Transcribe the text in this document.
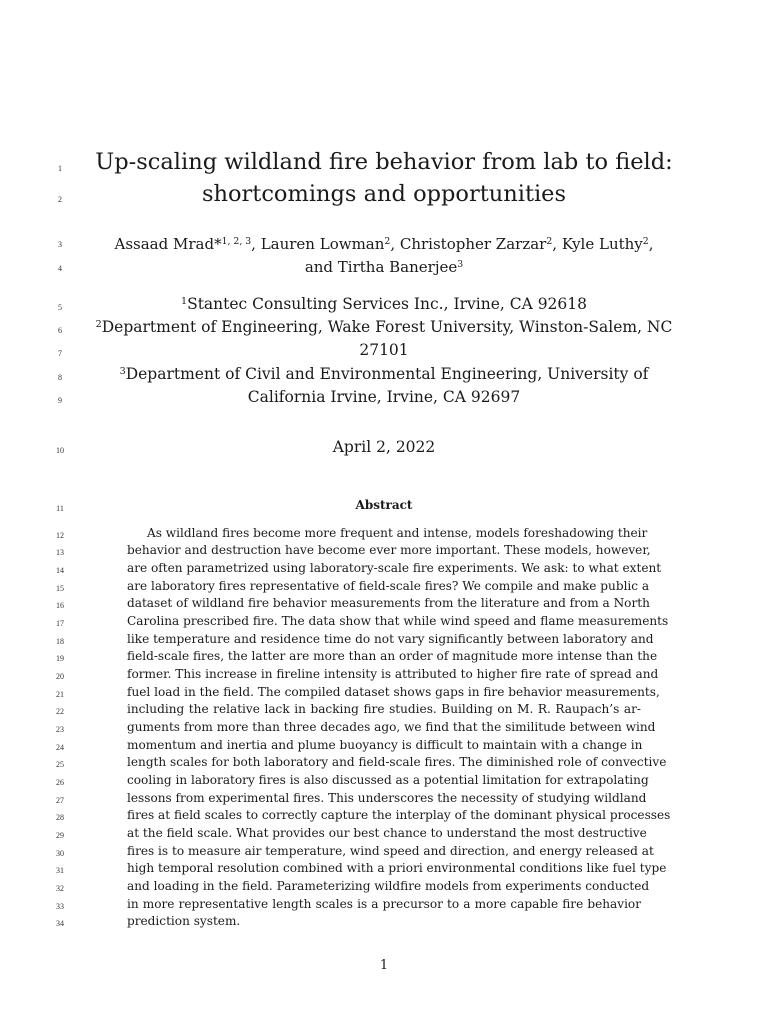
1
2
3
4
5
6
7
8
9
10
11
12
13
14
15
16
17
18
19
20
21
22
23
24
25
26
27
28
29
30
31
32
33
34
Up-scaling wildland fire behavior from lab to field:
shortcomings and opportunities
Assaad Mrad*$^{1, 2, 3}$, Lauren Lowman$^2$, Christopher Zarzar$^2$, Kyle Luthy$^2$,
and Tirtha Banerjee$^3$
$^1$Stantec Consulting Services Inc., Irvine, CA 92618
$^2$Department of Engineering, Wake Forest University, Winston-Salem, NC
27101
$^3$Department of Civil and Environmental Engineering, University of
California Irvine, Irvine, CA 92697
April 2, 2022
Abstract
As wildland fires become more frequent and intense, models foreshadowing their
behavior and destruction have become ever more important. These models, however,
are often parametrized using laboratory-scale fire experiments. We ask: to what extent
are laboratory fires representative of field-scale fires? We compile and make public a
dataset of wildland fire behavior measurements from the literature and from a North
Carolina prescribed fire. The data show that while wind speed and flame measurements
like temperature and residence time do not vary significantly between laboratory and
field-scale fires, the latter are more than an order of magnitude more intense than the
former. This increase in fireline intensity is attributed to higher fire rate of spread and
fuel load in the field. The compiled dataset shows gaps in fire behavior measurements,
including the relative lack in backing fire studies. Building on M. R. Raupach’s ar-
guments from more than three decades ago, we find that the similitude between wind
momentum and inertia and plume buoyancy is difficult to maintain with a change in
length scales for both laboratory and field-scale fires. The diminished role of convective
cooling in laboratory fires is also discussed as a potential limitation for extrapolating
lessons from experimental fires. This underscores the necessity of studying wildland
fires at field scales to correctly capture the interplay of the dominant physical processes
at the field scale. What provides our best chance to understand the most destructive
fires is to measure air temperature, wind speed and direction, and energy released at
high temporal resolution combined with a priori environmental conditions like fuel type
and loading in the field. Parameterizing wildfire models from experiments conducted
in more representative length scales is a precursor to a more capable fire behavior
prediction system.
1
